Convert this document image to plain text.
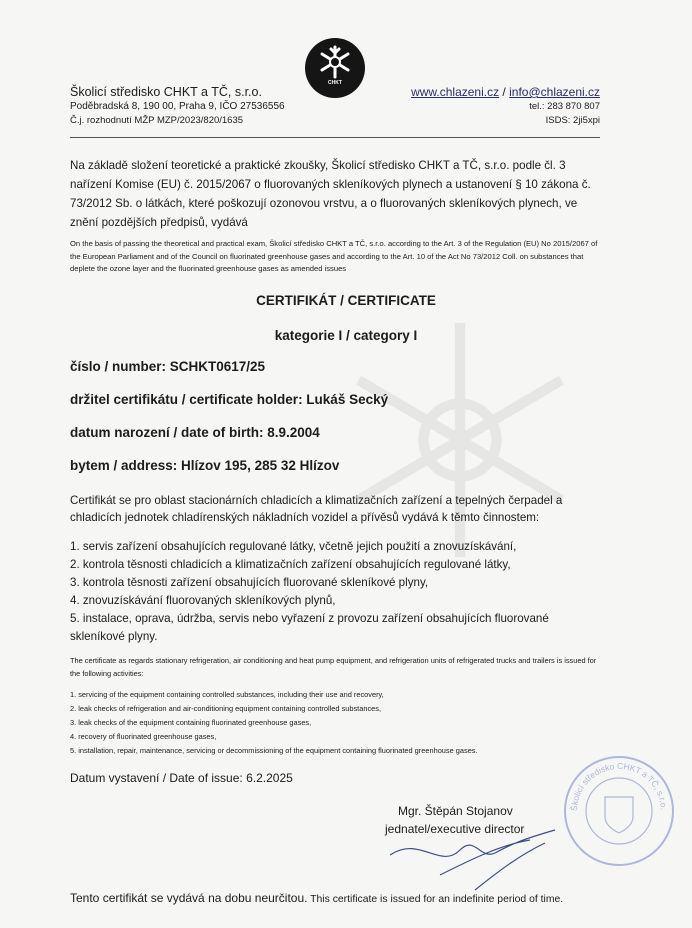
CHKT
Školicí středisko CHKT a TČ, s.r.o.
Poděbradská 8, 190 00, Praha 9, IČO 27536556
Č.j. rozhodnutí MŽP MZP/2023/820/1635
www.chlazeni.cz / info@chlazeni.cz
tel.: 283 870 807
ISDS: 2ji5xpi
Na základě složení teoretické a praktické zkoušky, Školicí středisko CHKT a TČ, s.r.o. podle čl. 3 nařízení Komise (EU) č. 2015/2067 o fluorovaných skleníkových plynech a ustanovení § 10 zákona č. 73/2012 Sb. o látkách, které poškozují ozonovou vrstvu, a o fluorovaných skleníkových plynech, ve znění pozdějších předpisů, vydává
On the basis of passing the theoretical and practical exam, Školicí středisko CHKT a TČ, s.r.o. according to the Art. 3 of the Regulation (EU) No 2015/2067 of the European Parliament and of the Council on fluorinated greenhouse gases and according to the Art. 10 of the Act No 73/2012 Coll. on substances that deplete the ozone layer and the fluorinated greenhouse gases as amended issues
CERTIFIKÁT / CERTIFICATE
kategorie I / category I
číslo / number: SCHKT0617/25
držitel certifikátu / certificate holder: Lukáš Secký
datum narození / date of birth: 8.9.2004
bytem / address: Hlízov 195, 285 32 Hlízov
Certifikát se pro oblast stacionárních chladicích a klimatizačních zařízení a tepelných čerpadel a chladicích jednotek chladírenských nákladních vozidel a přívěsů vydává k těmto činnostem:
1. servis zařízení obsahujících regulované látky, včetně jejich použití a znovuzískávání,
2. kontrola těsnosti chladicích a klimatizačních zařízení obsahujících regulované látky,
3. kontrola těsnosti zařízení obsahujících fluorované skleníkové plyny,
4. znovuzískávání fluorovaných skleníkových plynů,
5. instalace, oprava, údržba, servis nebo vyřazení z provozu zařízení obsahujících fluorované skleníkové plyny.
The certificate as regards stationary refrigeration, air conditioning and heat pump equipment, and refrigeration units of refrigerated trucks and trailers is issued for the following activities:
1. servicing of the equipment containing controlled substances, including their use and recovery,
2. leak checks of refrigeration and air-conditioning equipment containing controlled substances,
3. leak checks of the equipment containing fluorinated greenhouse gases,
4. recovery of fluorinated greenhouse gases,
5. installation, repair, maintenance, servicing or decommissioning of the equipment containing fluorinated greenhouse gases.
Datum vystavení / Date of issue: 6.2.2025
Mgr. Štěpán Stojanov
jednatel/executive director
Školicí středisko CHKT a TČ, s.r.o.
Tento certifikát se vydává na dobu neurčitou. This certificate is issued for an indefinite period of time.
